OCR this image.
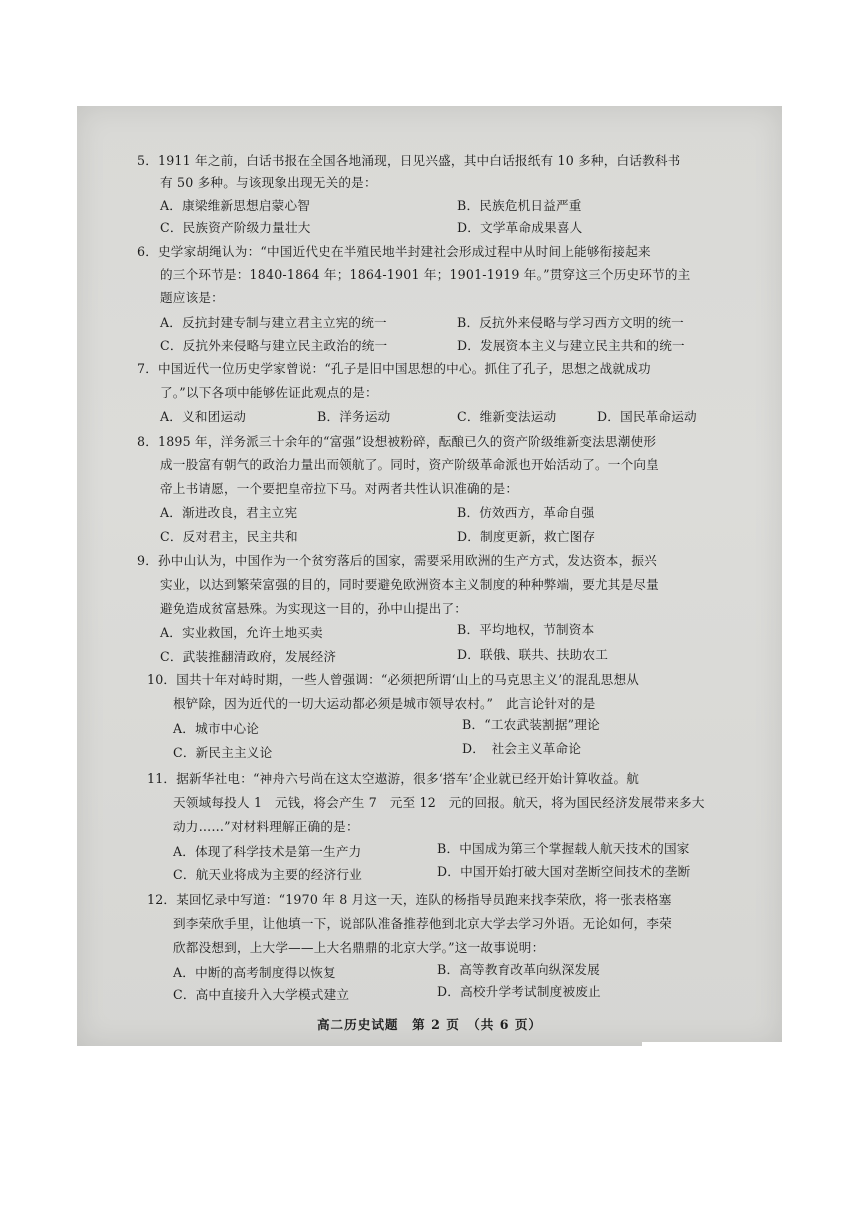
5．1911 年之前，白话书报在全国各地涌现，日见兴盛，其中白话报纸有 10 多种，白话教科书
有 50 多种。与该现象出现无关的是：
A．康梁维新思想启蒙心智	B．民族危机日益严重
C．民族资产阶级力量壮大	D．文学革命成果喜人
6．史学家胡绳认为：“中国近代史在半殖民地半封建社会形成过程中从时间上能够衔接起来
的三个环节是：1840-1864 年；1864-1901 年；1901-1919 年。”贯穿这三个历史环节的主
题应该是：
A．反抗封建专制与建立君主立宪的统一	B．反抗外来侵略与学习西方文明的统一
C．反抗外来侵略与建立民主政治的统一	D．发展资本主义与建立民主共和的统一
7．中国近代一位历史学家曾说：“孔子是旧中国思想的中心。抓住了孔子，思想之战就成功
了。”以下各项中能够佐证此观点的是：
A．义和团运动	B．洋务运动	C．维新变法运动	D．国民革命运动
8．1895 年，洋务派三十余年的“富强”设想被粉碎，酝酿已久的资产阶级维新变法思潮使形
成一股富有朝气的政治力量出而领航了。同时，资产阶级革命派也开始活动了。一个向皇
帝上书请愿，一个要把皇帝拉下马。对两者共性认识准确的是：
A．渐进改良，君主立宪	B．仿效西方，革命自强
C．反对君主，民主共和	D．制度更新，救亡图存
9．孙中山认为，中国作为一个贫穷落后的国家，需要采用欧洲的生产方式，发达资本，振兴
实业，以达到繁荣富强的目的，同时要避免欧洲资本主义制度的种种弊端，要尤其是尽量
避免造成贫富悬殊。为实现这一目的，孙中山提出了：
A．实业救国，允许土地买卖	B．平均地权，节制资本
C．武装推翻清政府，发展经济	D．联俄、联共、扶助农工
10．国共十年对峙时期，一些人曾强调：“必须把所谓‘山上的马克思主义’的混乱思想从
根铲除，因为近代的一切大运动都必须是城市领导农村。”　此言论针对的是
A．城市中心论	B．“工农武装割据”理论
C．新民主主义论	D．　社会主义革命论
11．据新华社电：“神舟六号尚在这太空遨游，很多‘搭车’企业就已经开始计算收益。航
天领域每投人 1　元钱，将会产生 7　元至 12　元的回报。航天，将为国民经济发展带来多大
动力……”对材料理解正确的是：
A．体现了科学技术是第一生产力	B．中国成为第三个掌握载人航天技术的国家
C．航天业将成为主要的经济行业	D．中国开始打破大国对垄断空间技术的垄断
12．某回忆录中写道：“1970 年 8 月这一天，连队的杨指导员跑来找李荣欣，将一张表格塞
到李荣欣手里，让他填一下，说部队准备推荐他到北京大学去学习外语。无论如何，李荣
欣都没想到，上大学——上大名鼎鼎的北京大学。”这一故事说明：
A．中断的高考制度得以恢复	B．高等教育改革向纵深发展
C．高中直接升入大学模式建立	D．高校升学考试制度被废止
高二历史试题　第 2 页　（共 6 页）
